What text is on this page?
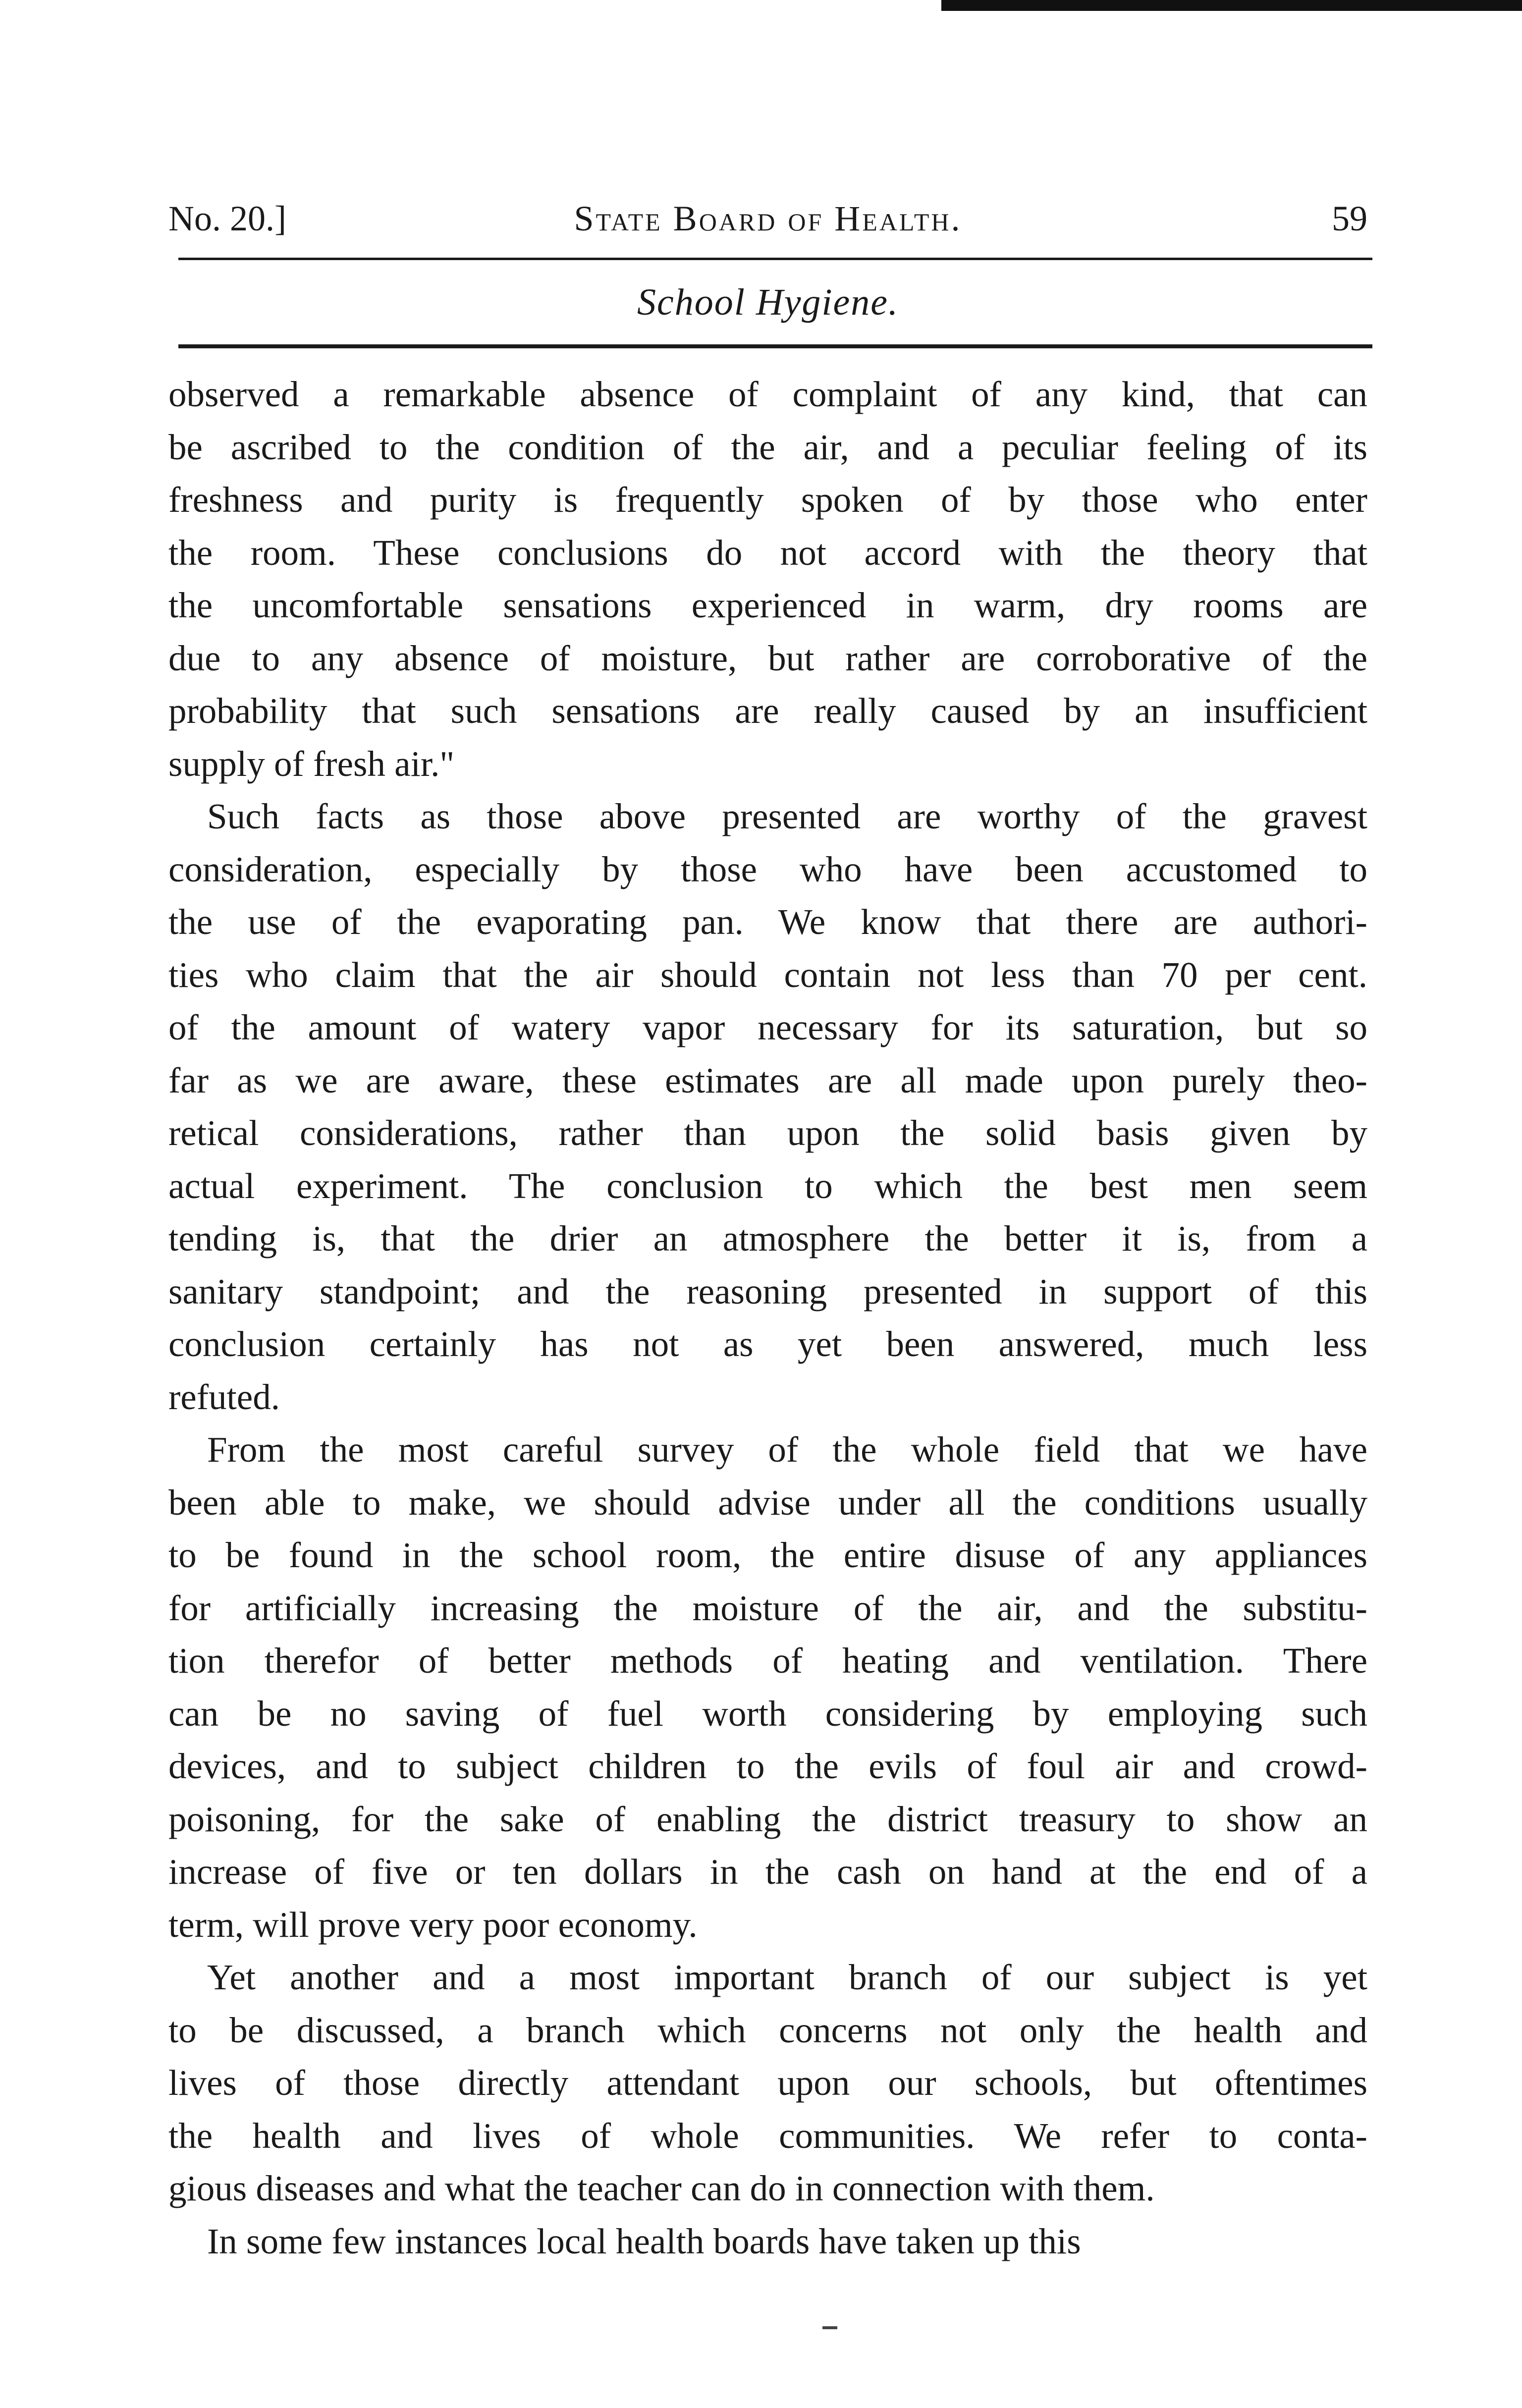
No. 20.]	State Board of Health.	59
School Hygiene.
observed a remarkable absence of complaint of any kind, that can
be ascribed to the condition of the air, and a peculiar feeling of its
freshness and purity is frequently spoken of by those who enter
the room. These conclusions do not accord with the theory that
the uncomfortable sensations experienced in warm, dry rooms are
due to any absence of moisture, but rather are corroborative of the
probability that such sensations are really caused by an insufficient
supply of fresh air."
Such facts as those above presented are worthy of the gravest
consideration, especially by those who have been accustomed to
the use of the evaporating pan. We know that there are authori-
ties who claim that the air should contain not less than 70 per cent.
of the amount of watery vapor necessary for its saturation, but so
far as we are aware, these estimates are all made upon purely theo-
retical considerations, rather than upon the solid basis given by
actual experiment. The conclusion to which the best men seem
tending is, that the drier an atmosphere the better it is, from a
sanitary standpoint; and the reasoning presented in support of this
conclusion certainly has not as yet been answered, much less
refuted.
From the most careful survey of the whole field that we have
been able to make, we should advise under all the conditions usually
to be found in the school room, the entire disuse of any appliances
for artificially increasing the moisture of the air, and the substitu-
tion therefor of better methods of heating and ventilation. There
can be no saving of fuel worth considering by employing such
devices, and to subject children to the evils of foul air and crowd-
poisoning, for the sake of enabling the district treasury to show an
increase of five or ten dollars in the cash on hand at the end of a
term, will prove very poor economy.
Yet another and a most important branch of our subject is yet
to be discussed, a branch which concerns not only the health and
lives of those directly attendant upon our schools, but oftentimes
the health and lives of whole communities. We refer to conta-
gious diseases and what the teacher can do in connection with them.
In some few instances local health boards have taken up this
